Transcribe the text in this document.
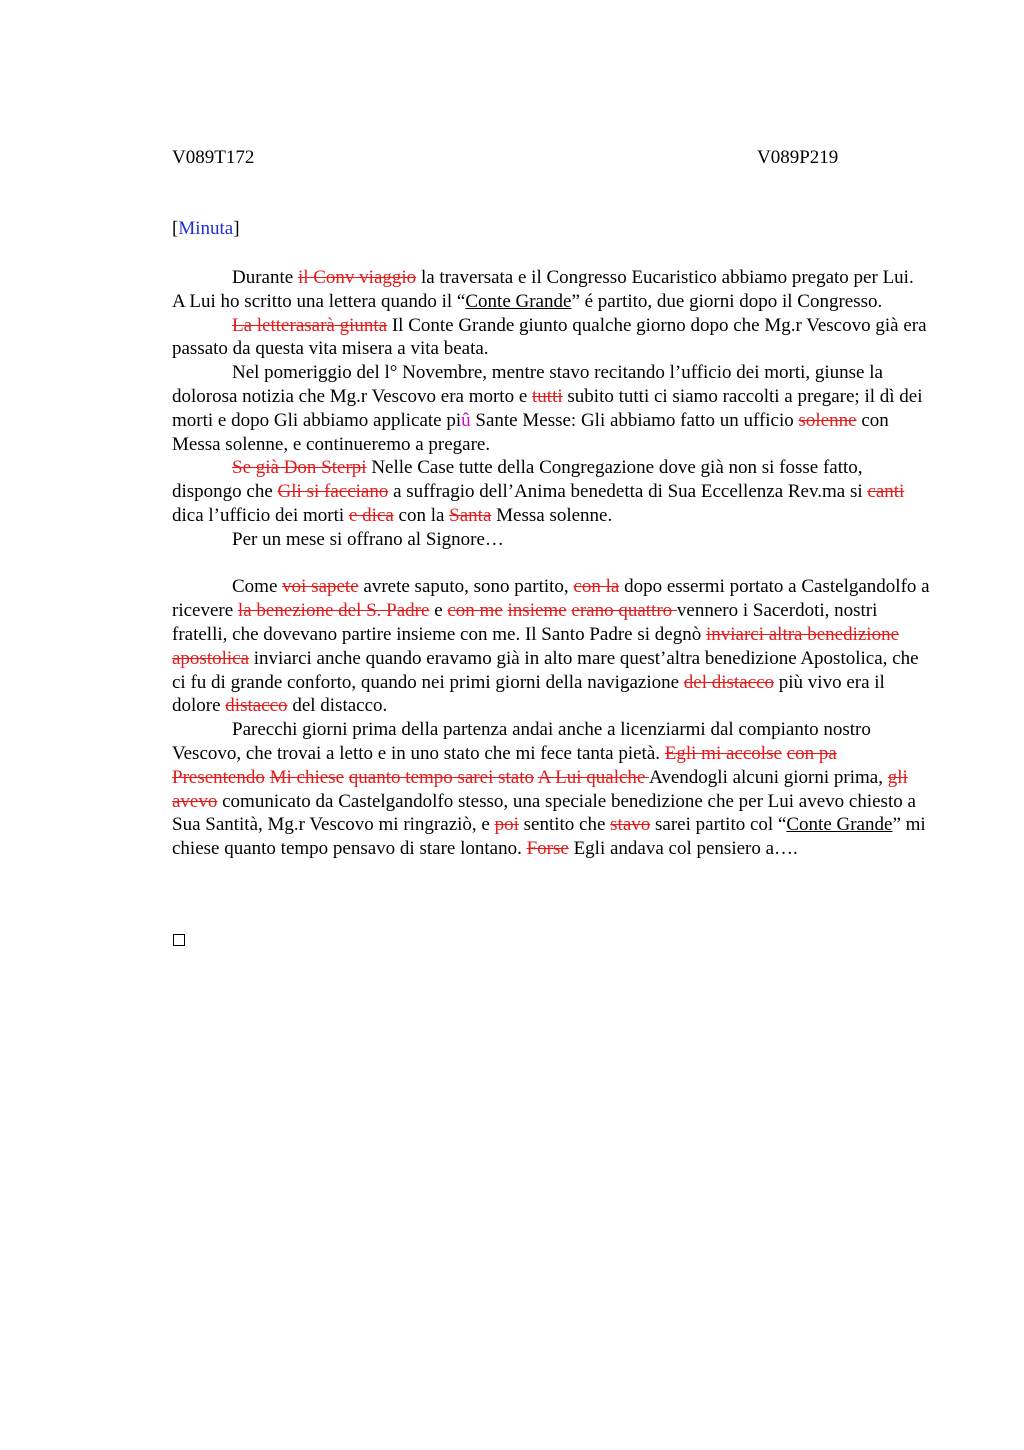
V089T172	V089P219
[Minuta]

Durante il Conv viaggio la traversata e il Congresso Eucaristico abbiamo pregato per Lui. A Lui ho scritto una lettera quando il “Conte Grande” é partito, due giorni dopo il Congresso.

La letterasarà giunta Il Conte Grande giunto qualche giorno dopo che Mg.r Vescovo già era passato da questa vita misera a vita beata.

Nel pomeriggio del l° Novembre, mentre stavo recitando l’ufficio dei morti, giunse la dolorosa notizia che Mg.r Vescovo era morto e tutti subito tutti ci siamo raccolti a pregare; il dì dei morti e dopo Gli abbiamo applicate piû Sante Messe: Gli abbiamo fatto un ufficio solenne con Messa solenne, e continueremo a pregare.

Se già Don Sterpi Nelle Case tutte della Congregazione dove già non si fosse fatto, dispongo che Gli si facciano a suffragio dell’Anima benedetta di Sua Eccellenza Rev.ma si canti dica l’ufficio dei morti e dica con la Santa Messa solenne.

Per un mese si offrano al Signore…

Come voi sapete avrete saputo, sono partito, con la dopo essermi portato a Castelgandolfo a ricevere la benezione del S. Padre e con me insieme erano quattro vennero i Sacerdoti, nostri fratelli, che dovevano partire insieme con me. Il Santo Padre si degnò inviarci altra benedizione apostolica inviarci anche quando eravamo già in alto mare quest’altra benedizione Apostolica, che ci fu di grande conforto, quando nei primi giorni della navigazione del distacco più vivo era il dolore distacco del distacco.

Parecchi giorni prima della partenza andai anche a licenziarmi dal compianto nostro Vescovo, che trovai a letto e in uno stato che mi fece tanta pietà. Egli mi accolse con pa Presentendo Mi chiese quanto tempo sarei stato A Lui qualche Avendogli alcuni giorni prima, gli avevo comunicato da Castelgandolfo stesso, una speciale benedizione che per Lui avevo chiesto a Sua Santità, Mg.r Vescovo mi ringraziò, e poi sentito che stavo sarei partito col “Conte Grande” mi chiese quanto tempo pensavo di stare lontano. Forse Egli andava col pensiero a….
